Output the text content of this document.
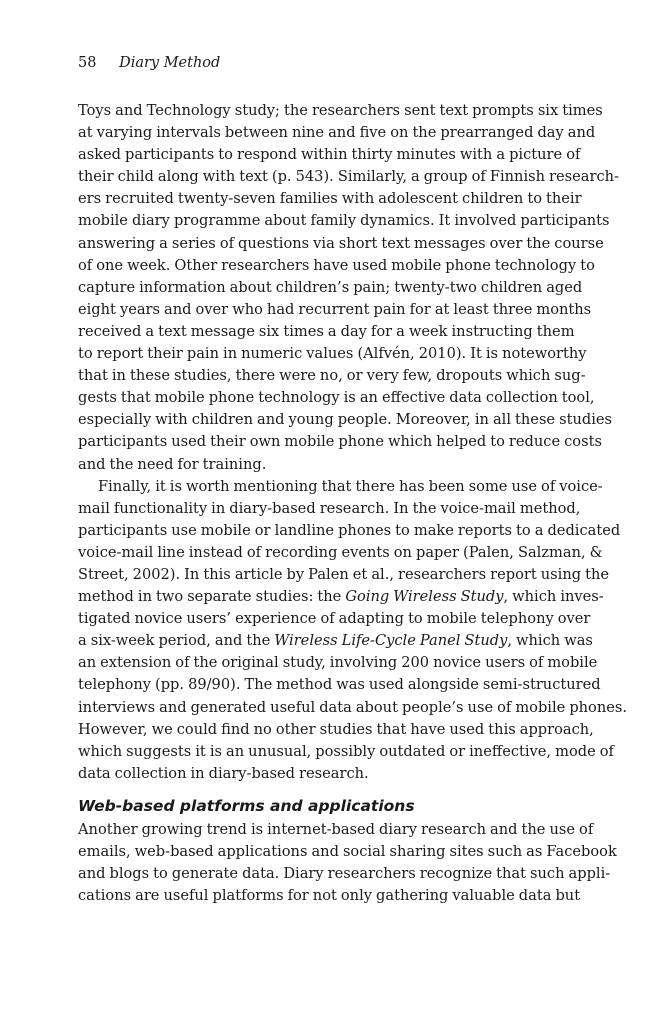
58 Diary Method
Toys and Technology study; the researchers sent text prompts six times
at varying intervals between nine and five on the prearranged day and
asked participants to respond within thirty minutes with a picture of
their child along with text (p. 543). Similarly, a group of Finnish research-
ers recruited twenty-seven families with adolescent children to their
mobile diary programme about family dynamics. It involved participants
answering a series of questions via short text messages over the course
of one week. Other researchers have used mobile phone technology to
capture information about children’s pain; twenty-two children aged
eight years and over who had recurrent pain for at least three months
received a text message six times a day for a week instructing them
to report their pain in numeric values (Alfvén, 2010). It is noteworthy
that in these studies, there were no, or very few, dropouts which sug-
gests that mobile phone technology is an effective data collection tool,
especially with children and young people. Moreover, in all these studies
participants used their own mobile phone which helped to reduce costs
and the need for training.
Finally, it is worth mentioning that there has been some use of voice-
mail functionality in diary-based research. In the voice-mail method,
participants use mobile or landline phones to make reports to a dedicated
voice-mail line instead of recording events on paper (Palen, Salzman, &
Street, 2002). In this article by Palen et al., researchers report using the
method in two separate studies: the Going Wireless Study, which inves-
tigated novice users’ experience of adapting to mobile telephony over
a six-week period, and the Wireless Life-Cycle Panel Study, which was
an extension of the original study, involving 200 novice users of mobile
telephony (pp. 89/90). The method was used alongside semi-structured
interviews and generated useful data about people’s use of mobile phones.
However, we could find no other studies that have used this approach,
which suggests it is an unusual, possibly outdated or ineffective, mode of
data collection in diary-based research.
Web-based platforms and applications
Another growing trend is internet-based diary research and the use of
emails, web-based applications and social sharing sites such as Facebook
and blogs to generate data. Diary researchers recognize that such appli-
cations are useful platforms for not only gathering valuable data but
